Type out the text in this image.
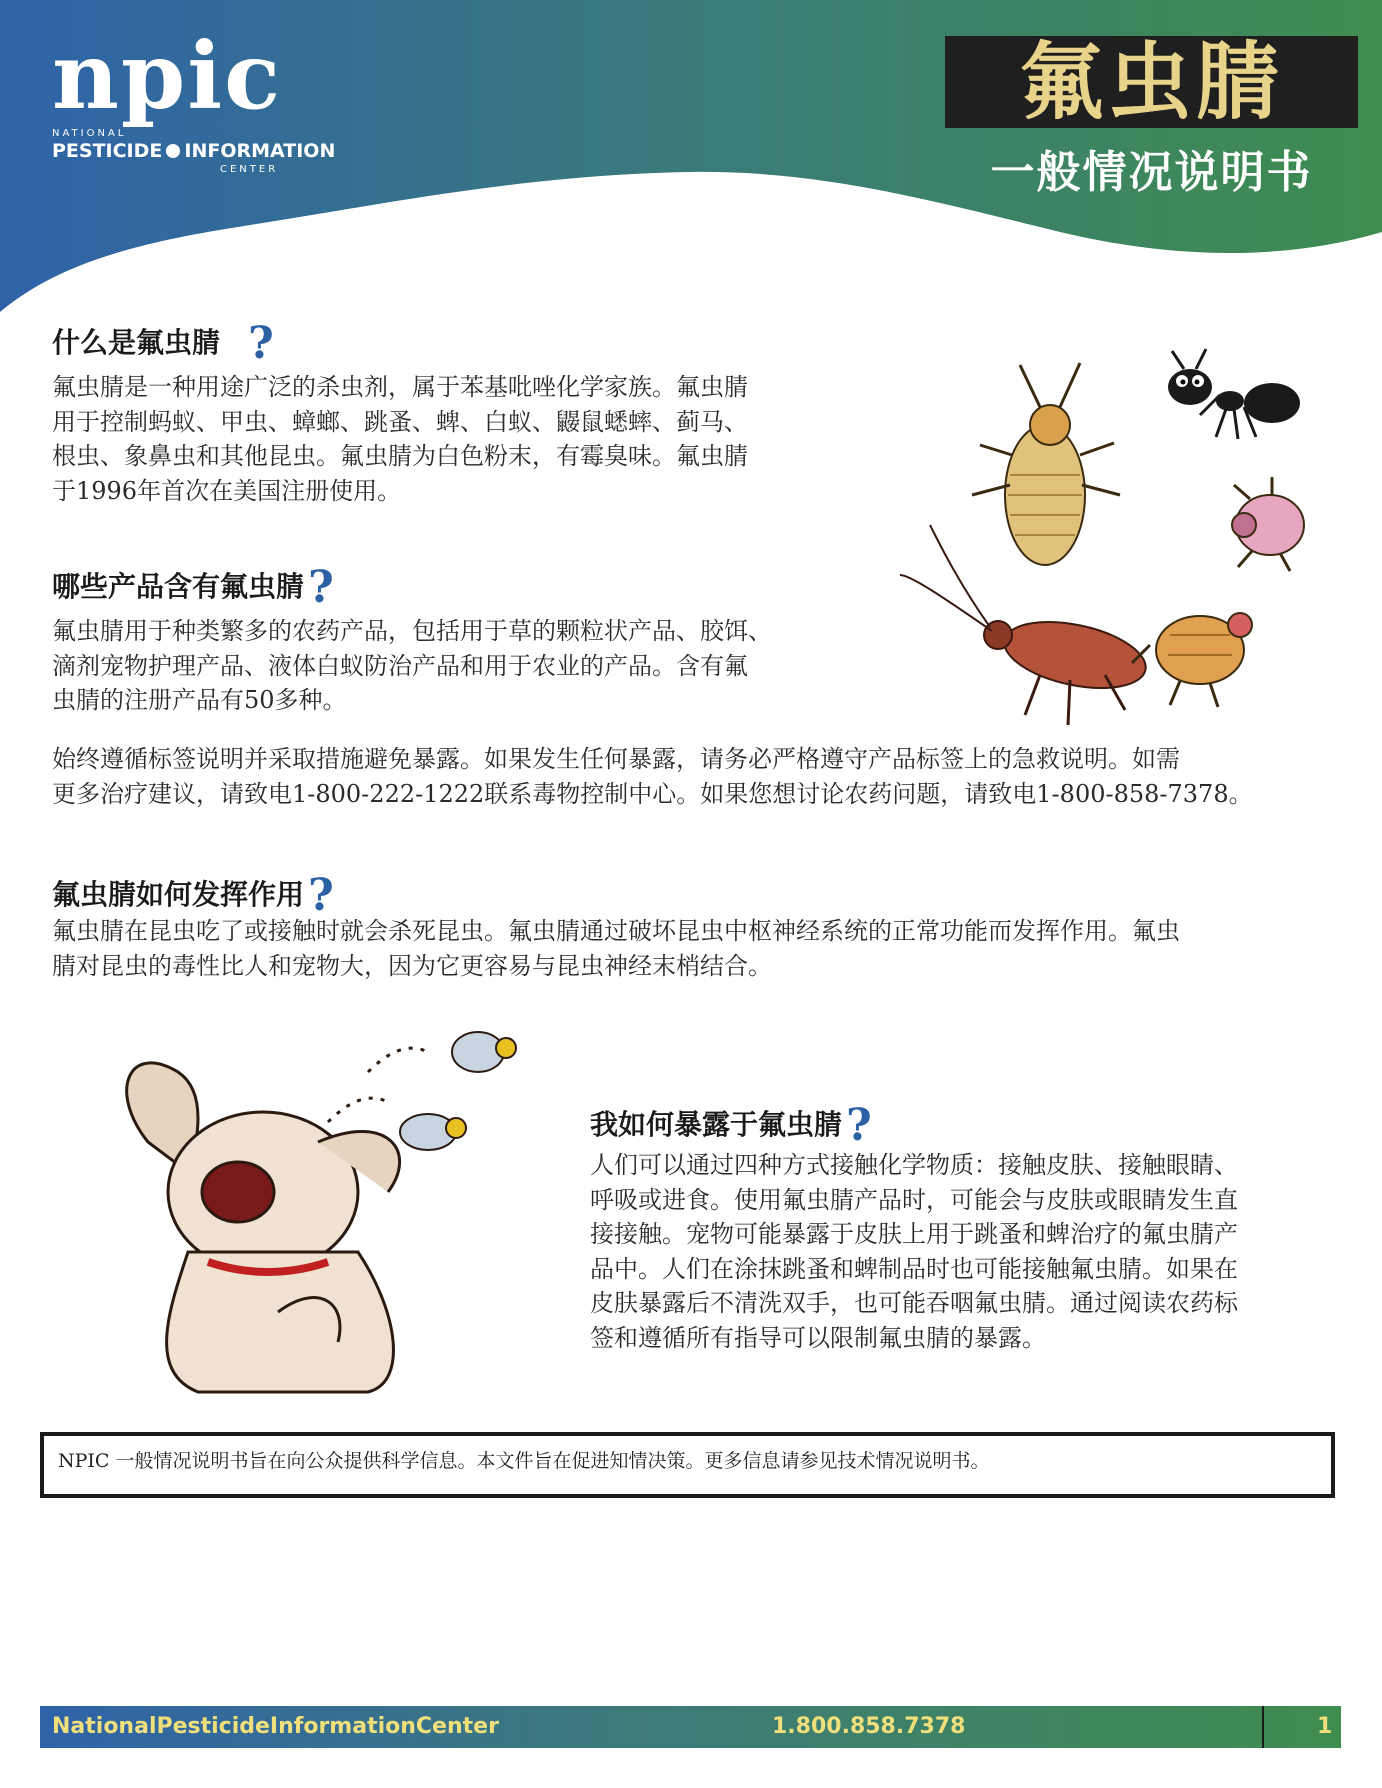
npic
NATIONAL
PESTICIDE INFORMATION
CENTER
氟虫腈
一般情况说明书
什么是氟虫腈 ?
氟虫腈是一种用途广泛的杀虫剂，属于苯基吡唑化学家族。氟虫腈
用于控制蚂蚁、甲虫、蟑螂、跳蚤、蜱、白蚁、鼹鼠蟋蟀、蓟马、
根虫、象鼻虫和其他昆虫。氟虫腈为白色粉末，有霉臭味。氟虫腈
于1996年首次在美国注册使用。
哪些产品含有氟虫腈?
氟虫腈用于种类繁多的农药产品，包括用于草的颗粒状产品、胶饵、
滴剂宠物护理产品、液体白蚁防治产品和用于农业的产品。含有氟
虫腈的注册产品有50多种。
始终遵循标签说明并采取措施避免暴露。如果发生任何暴露，请务必严格遵守产品标签上的急救说明。如需
更多治疗建议，请致电1-800-222-1222联系毒物控制中心。如果您想讨论农药问题，请致电1-800-858-7378。
氟虫腈如何发挥作用?
氟虫腈在昆虫吃了或接触时就会杀死昆虫。氟虫腈通过破坏昆虫中枢神经系统的正常功能而发挥作用。氟虫
腈对昆虫的毒性比人和宠物大，因为它更容易与昆虫神经末梢结合。
我如何暴露于氟虫腈?
人们可以通过四种方式接触化学物质：接触皮肤、接触眼睛、
呼吸或进食。使用氟虫腈产品时，可能会与皮肤或眼睛发生直
接接触。宠物可能暴露于皮肤上用于跳蚤和蜱治疗的氟虫腈产
品中。人们在涂抹跳蚤和蜱制品时也可能接触氟虫腈。如果在
皮肤暴露后不清洗双手，也可能吞咽氟虫腈。通过阅读农药标
签和遵循所有指导可以限制氟虫腈的暴露。
NPIC 一般情况说明书旨在向公众提供科学信息。本文件旨在促进知情决策。更多信息请参见技术情况说明书。
NationalPesticideInformationCenter	1.800.858.7378	1
